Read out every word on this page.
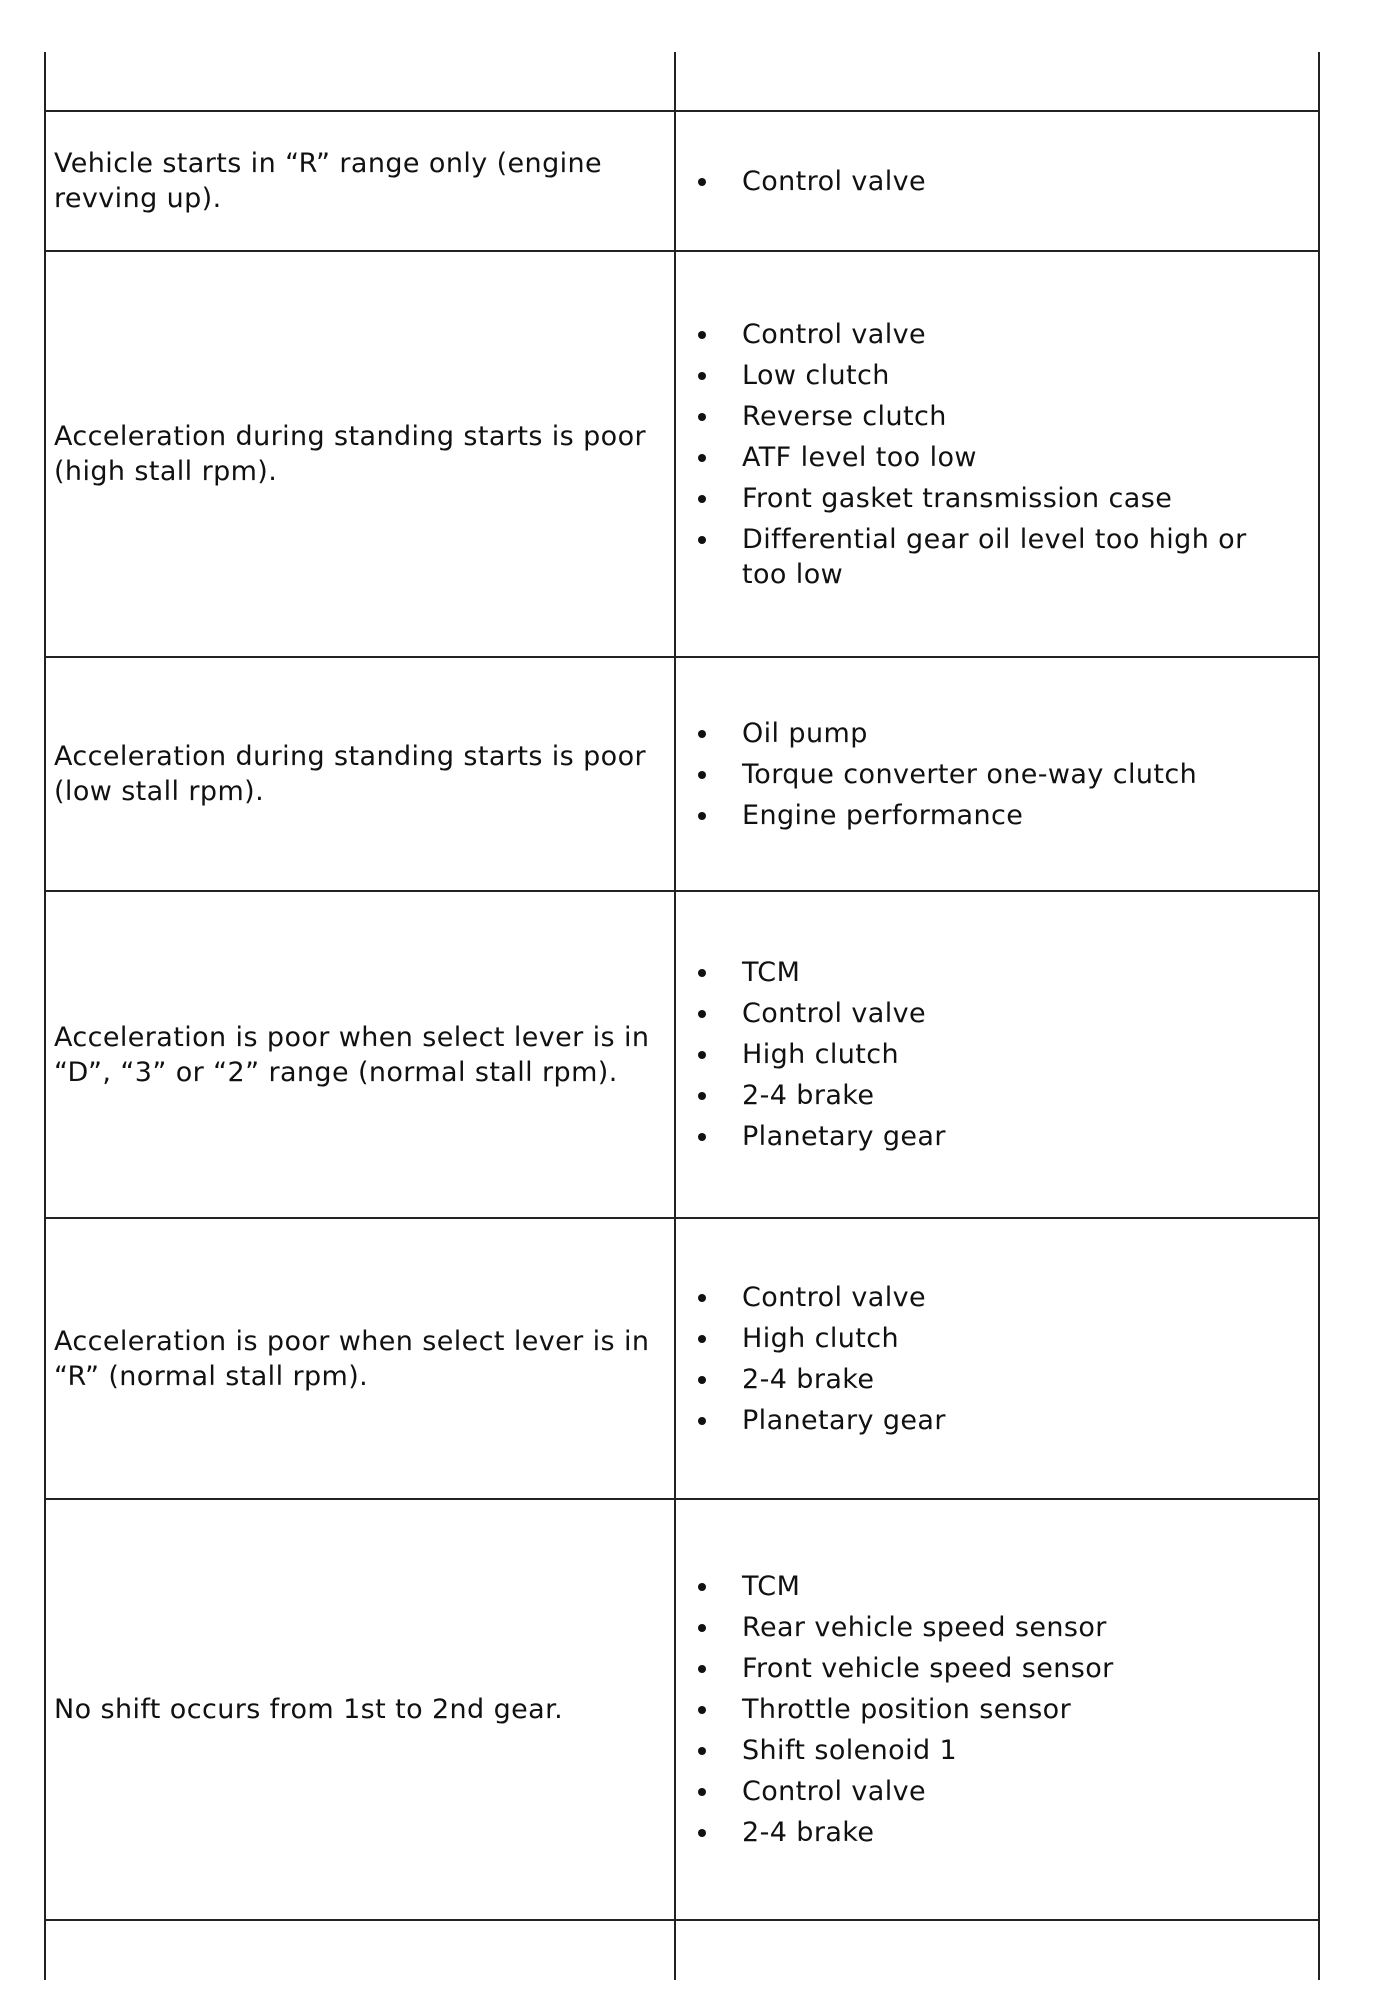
Vehicle starts in “R” range only (engine revving up).
Control valve
Acceleration during standing starts is poor (high stall rpm).
Control valve
Low clutch
Reverse clutch
ATF level too low
Front gasket transmission case
Differential gear oil level too high or too low
Acceleration during standing starts is poor (low stall rpm).
Oil pump
Torque converter one-way clutch
Engine performance
Acceleration is poor when select lever is in “D”, “3” or “2” range (normal stall rpm).
TCM
Control valve
High clutch
2-4 brake
Planetary gear
Acceleration is poor when select lever is in “R” (normal stall rpm).
Control valve
High clutch
2-4 brake
Planetary gear
No shift occurs from 1st to 2nd gear.
TCM
Rear vehicle speed sensor
Front vehicle speed sensor
Throttle position sensor
Shift solenoid 1
Control valve
2-4 brake
